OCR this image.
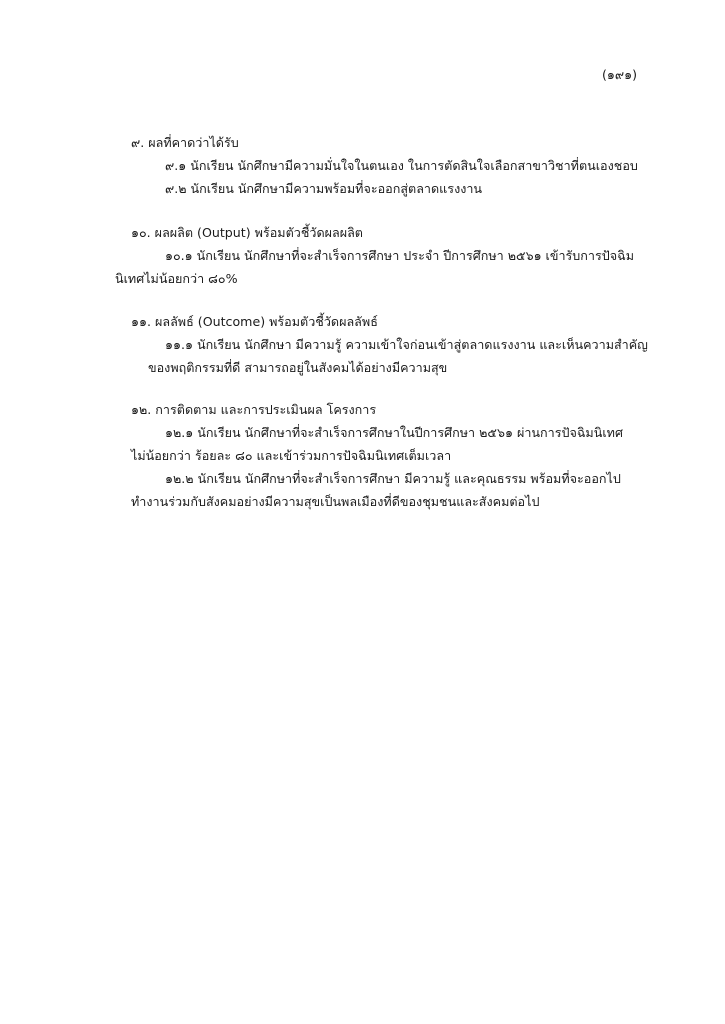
(๑๙๑)
๙. ผลที่คาดว่าได้รับ
๙.๑ นักเรียน นักศึกษามีความมั่นใจในตนเอง ในการตัดสินใจเลือกสาขาวิชาที่ตนเองชอบ
๙.๒ นักเรียน นักศึกษามีความพร้อมที่จะออกสู่ตลาดแรงงาน
๑๐. ผลผลิต (Output) พร้อมตัวชี้วัดผลผลิต
๑๐.๑ นักเรียน นักศึกษาที่จะสำเร็จการศึกษา ประจำ ปีการศึกษา ๒๕๖๑ เข้ารับการปัจฉิม
นิเทศไม่น้อยกว่า ๘๐%
๑๑. ผลลัพธ์ (Outcome) พร้อมตัวชี้วัดผลลัพธ์
๑๑.๑ นักเรียน นักศึกษา มีความรู้ ความเข้าใจก่อนเข้าสู่ตลาดแรงงาน และเห็นความสำคัญ
ของพฤติกรรมที่ดี สามารถอยู่ในสังคมได้อย่างมีความสุข
๑๒. การติดตาม และการประเมินผล โครงการ
๑๒.๑ นักเรียน นักศึกษาที่จะสำเร็จการศึกษาในปีการศึกษา ๒๕๖๑ ผ่านการปัจฉิมนิเทศ
ไม่น้อยกว่า ร้อยละ ๘๐ และเข้าร่วมการปัจฉิมนิเทศเต็มเวลา
๑๒.๒ นักเรียน นักศึกษาที่จะสำเร็จการศึกษา มีความรู้ และคุณธรรม พร้อมที่จะออกไป
ทำงานร่วมกับสังคมอย่างมีความสุขเป็นพลเมืองที่ดีของชุมชนและสังคมต่อไป
